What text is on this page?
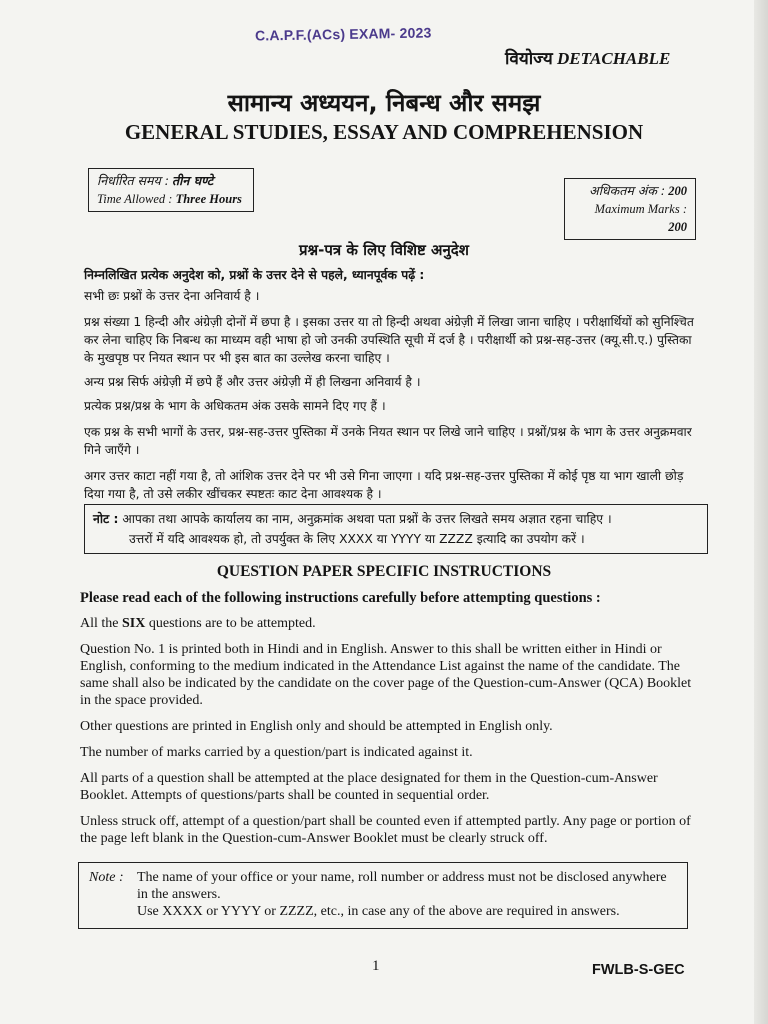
C.A.P.F.(ACs) EXAM- 2023
वियोज्य DETACHABLE
सामान्य अध्ययन, निबन्ध और समझ
GENERAL STUDIES, ESSAY AND COMPREHENSION
निर्धारित समय : तीन घण्टे
Time Allowed : Three Hours
अधिकतम अंक : 200
Maximum Marks : 200
प्रश्न-पत्र के लिए विशिष्ट अनुदेश

निम्नलिखित प्रत्येक अनुदेश को, प्रश्नों के उत्तर देने से पहले, ध्यानपूर्वक पढ़ें :

सभी छः प्रश्नों के उत्तर देना अनिवार्य है ।

प्रश्न संख्या 1 हिन्दी और अंग्रेज़ी दोनों में छपा है । इसका उत्तर या तो हिन्दी अथवा अंग्रेज़ी में लिखा जाना चाहिए । परीक्षार्थियों को सुनिश्चित कर लेना चाहिए कि निबन्ध का माध्यम वही भाषा हो जो उनकी उपस्थिति सूची में दर्ज है । परीक्षार्थी को प्रश्न-सह-उत्तर (क्यू.सी.ए.) पुस्तिका के मुखपृष्ठ पर नियत स्थान पर भी इस बात का उल्लेख करना चाहिए ।

अन्य प्रश्न सिर्फ अंग्रेज़ी में छपे हैं और उत्तर अंग्रेज़ी में ही लिखना अनिवार्य है ।

प्रत्येक प्रश्न/प्रश्न के भाग के अधिकतम अंक उसके सामने दिए गए हैं ।

एक प्रश्न के सभी भागों के उत्तर, प्रश्न-सह-उत्तर पुस्तिका में उनके नियत स्थान पर लिखे जाने चाहिए । प्रश्नों/प्रश्न के भाग के उत्तर अनुक्रमवार गिने जाएँगे ।

अगर उत्तर काटा नहीं गया है, तो आंशिक उत्तर देने पर भी उसे गिना जाएगा । यदि प्रश्न-सह-उत्तर पुस्तिका में कोई पृष्ठ या भाग खाली छोड़ दिया गया है, तो उसे लकीर खींचकर स्पष्टतः काट देना आवश्यक है ।

नोट : आपका तथा आपके कार्यालय का नाम, अनुक्रमांक अथवा पता प्रश्नों के उत्तर लिखते समय अज्ञात रहना चाहिए ।
उत्तरों में यदि आवश्यक हो, तो उपर्युक्त के लिए XXXX या YYYY या ZZZZ इत्यादि का उपयोग करें ।
QUESTION PAPER SPECIFIC INSTRUCTIONS

Please read each of the following instructions carefully before attempting questions :

All the SIX questions are to be attempted.

Question No. 1 is printed both in Hindi and in English. Answer to this shall be written either in Hindi or English, conforming to the medium indicated in the Attendance List against the name of the candidate. The same shall also be indicated by the candidate on the cover page of the Question-cum-Answer (QCA) Booklet in the space provided.

Other questions are printed in English only and should be attempted in English only.

The number of marks carried by a question/part is indicated against it.

All parts of a question shall be attempted at the place designated for them in the Question-cum-Answer Booklet. Attempts of questions/parts shall be counted in sequential order.

Unless struck off, attempt of a question/part shall be counted even if attempted partly. Any page or portion of the page left blank in the Question-cum-Answer Booklet must be clearly struck off.

Note : The name of your office or your name, roll number or address must not be disclosed anywhere
in the answers.
Use XXXX or YYYY or ZZZZ, etc., in case any of the above are required in answers.
1	FWLB-S-GEC
